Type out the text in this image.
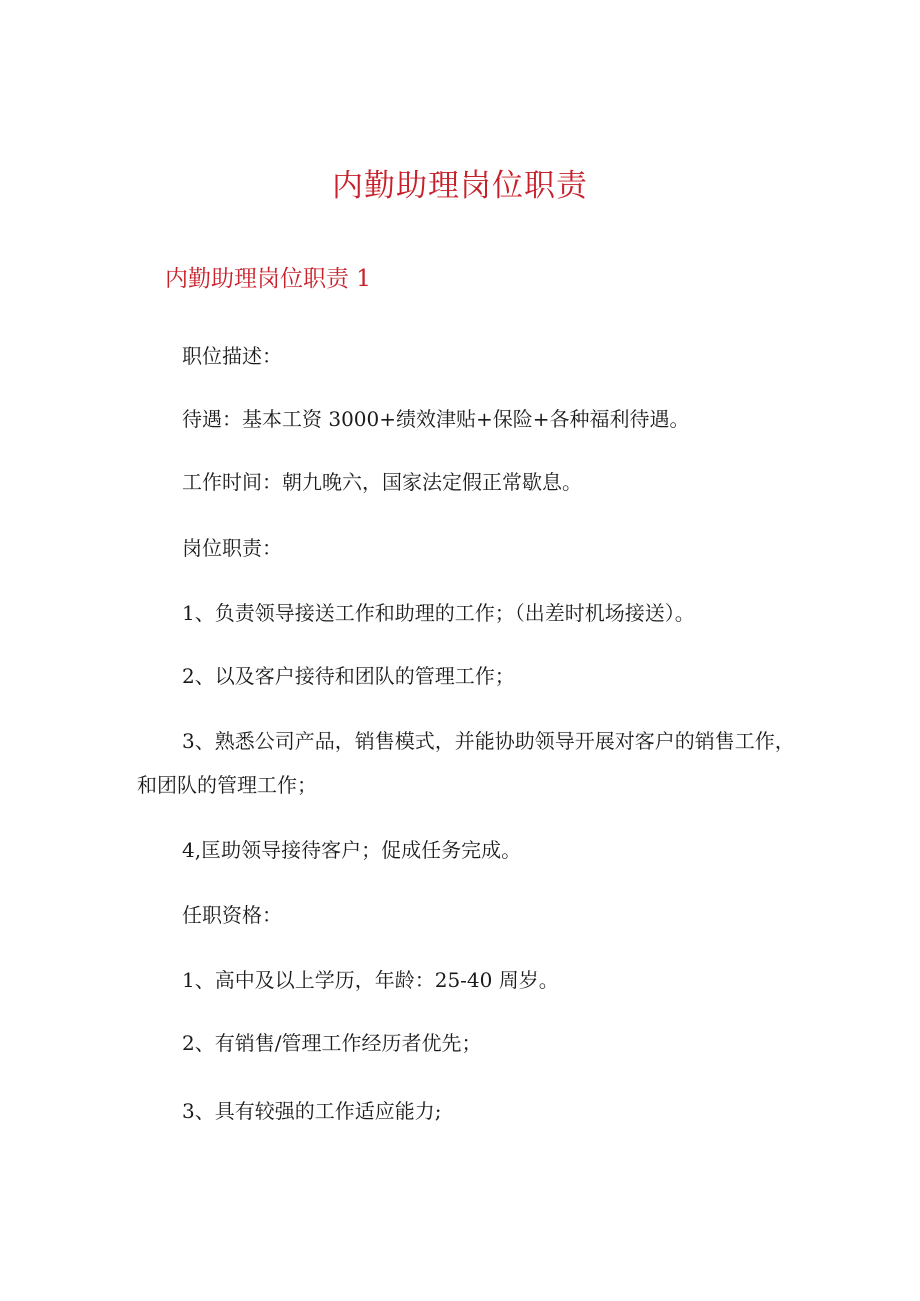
内勤助理岗位职责
内勤助理岗位职责 1

职位描述：

待遇：基本工资 3000+绩效津贴+保险+各种福利待遇。

工作时间：朝九晚六，国家法定假正常歇息。

岗位职责：

1、负责领导接送工作和助理的工作；（出差时机场接送）。

2、以及客户接待和团队的管理工作；

3、熟悉公司产品，销售模式，并能协助领导开展对客户的销售工作，和团队的管理工作；

4,匡助领导接待客户；促成任务完成。

任职资格：

1、高中及以上学历，年龄：25-40 周岁。

2、有销售/管理工作经历者优先；

3、具有较强的工作适应能力;
